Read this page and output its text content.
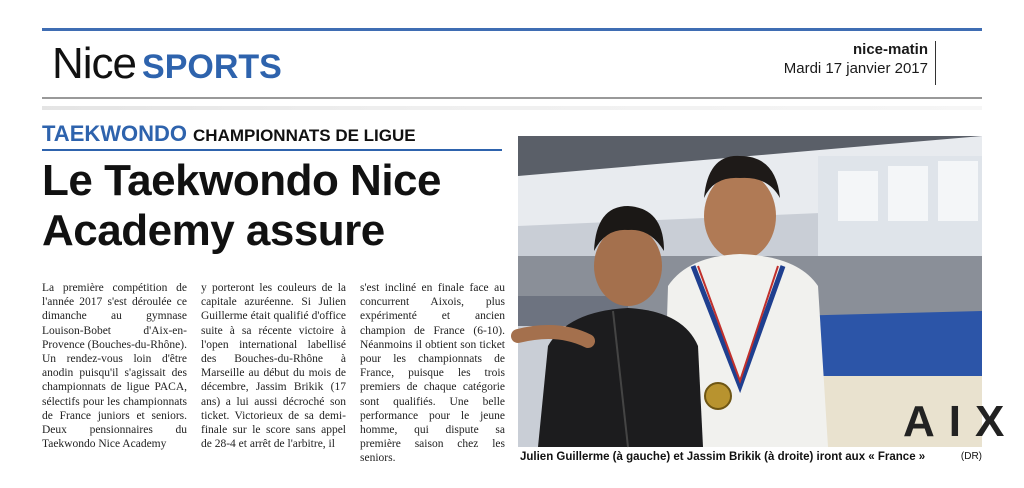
Nice SPORTS	nice-matin
Mardi 17 janvier 2017
TAEKWONDO CHAMPIONNATS DE LIGUE
Le Taekwondo Nice
Academy assure
La première compétition de l'année 2017 s'est déroulée ce dimanche au gymnase Louison-Bobet d'Aix-en-Provence (Bouches-du-Rhône). Un rendez-vous loin d'être anodin puisqu'il s'agissait des championnats de ligue PACA, sélectifs pour les championnats de France juniors et seniors. Deux pensionnaires du Taekwondo Nice Academy
y porteront les couleurs de la capitale azuréenne. Si Julien Guillerme était qualifié d'office suite à sa récente victoire à l'open international labellisé des Bouches-du-Rhône à Marseille au début du mois de décembre, Jassim Brikik (17 ans) a lui aussi décroché son ticket. Victorieux de sa demi-finale sur le score sans appel de 28-4 et arrêt de l'arbitre, il
s'est incliné en finale face au concurrent Aixois, plus expérimenté et ancien champion de France (6-10). Néanmoins il obtient son ticket pour les championnats de France, puisque les trois premiers de chaque catégorie sont qualifiés. Une belle performance pour le jeune homme, qui dispute sa première saison chez les seniors.
AIX
Julien Guillerme (à gauche) et Jassim Brikik (à droite) iront aux « France »	(DR)
